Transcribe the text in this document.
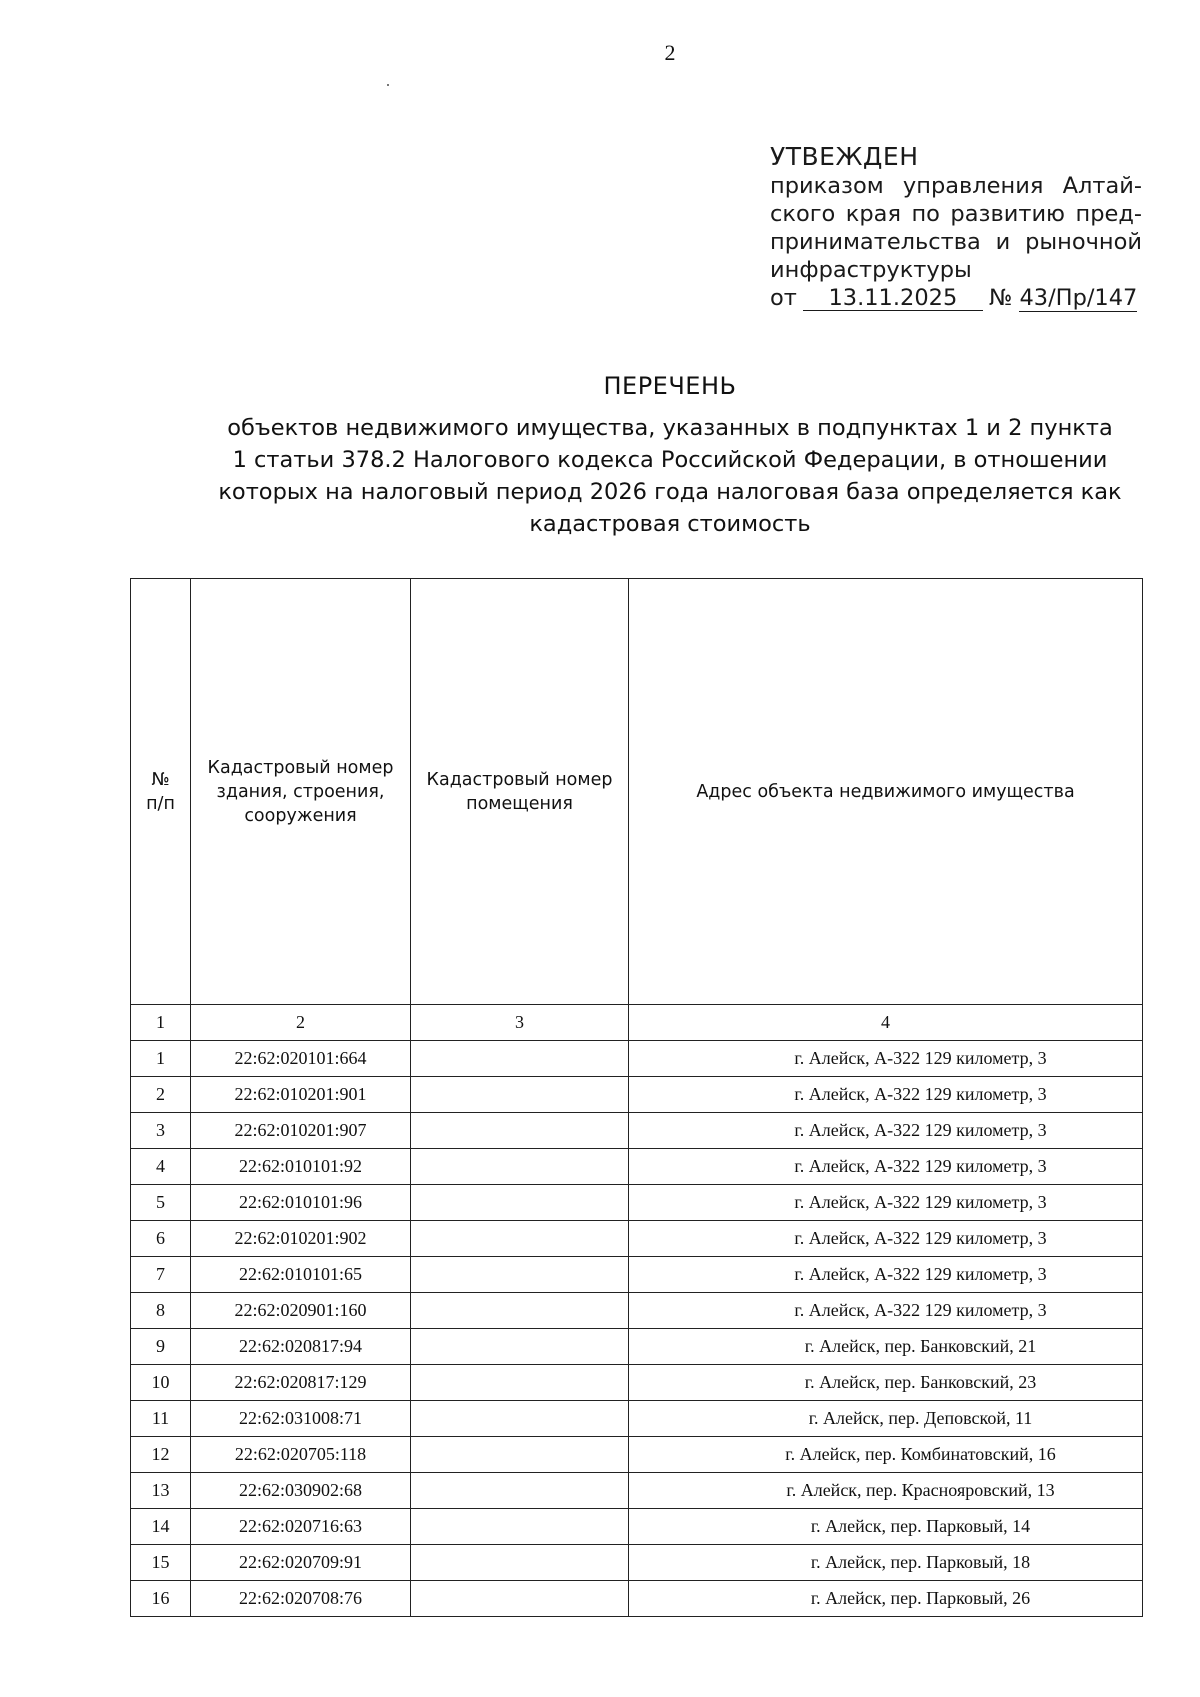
2
УТВЕЖДЕН
приказом управления Алтай-
ского края по развитию пред-
принимательства и рыночной
инфраструктуры
от 13.11.2025 № 43/Пр/147
ПЕРЕЧЕНЬ
объектов недвижимого имущества, указанных в подпунктах 1 и 2 пункта
1 статьи 378.2 Налогового кодекса Российской Федерации, в отношении
которых на налоговый период 2026 года налоговая база определяется как
кадастровая стоимость
№ п/п	Кадастровый номер здания, строения, сооружения	Кадастровый номер помещения	Адрес объекта недвижимого имущества
1	2	3	4
1	22:62:020101:664		г. Алейск, А-322 129 километр, 3
2	22:62:010201:901		г. Алейск, А-322 129 километр, 3
3	22:62:010201:907		г. Алейск, А-322 129 километр, 3
4	22:62:010101:92		г. Алейск, А-322 129 километр, 3
5	22:62:010101:96		г. Алейск, А-322 129 километр, 3
6	22:62:010201:902		г. Алейск, А-322 129 километр, 3
7	22:62:010101:65		г. Алейск, А-322 129 километр, 3
8	22:62:020901:160		г. Алейск, А-322 129 километр, 3
9	22:62:020817:94		г. Алейск, пер. Банковский, 21
10	22:62:020817:129		г. Алейск, пер. Банковский, 23
11	22:62:031008:71		г. Алейск, пер. Деповской, 11
12	22:62:020705:118		г. Алейск, пер. Комбинатовский, 16
13	22:62:030902:68		г. Алейск, пер. Краснояровский, 13
14	22:62:020716:63		г. Алейск, пер. Парковый, 14
15	22:62:020709:91		г. Алейск, пер. Парковый, 18
16	22:62:020708:76		г. Алейск, пер. Парковый, 26
